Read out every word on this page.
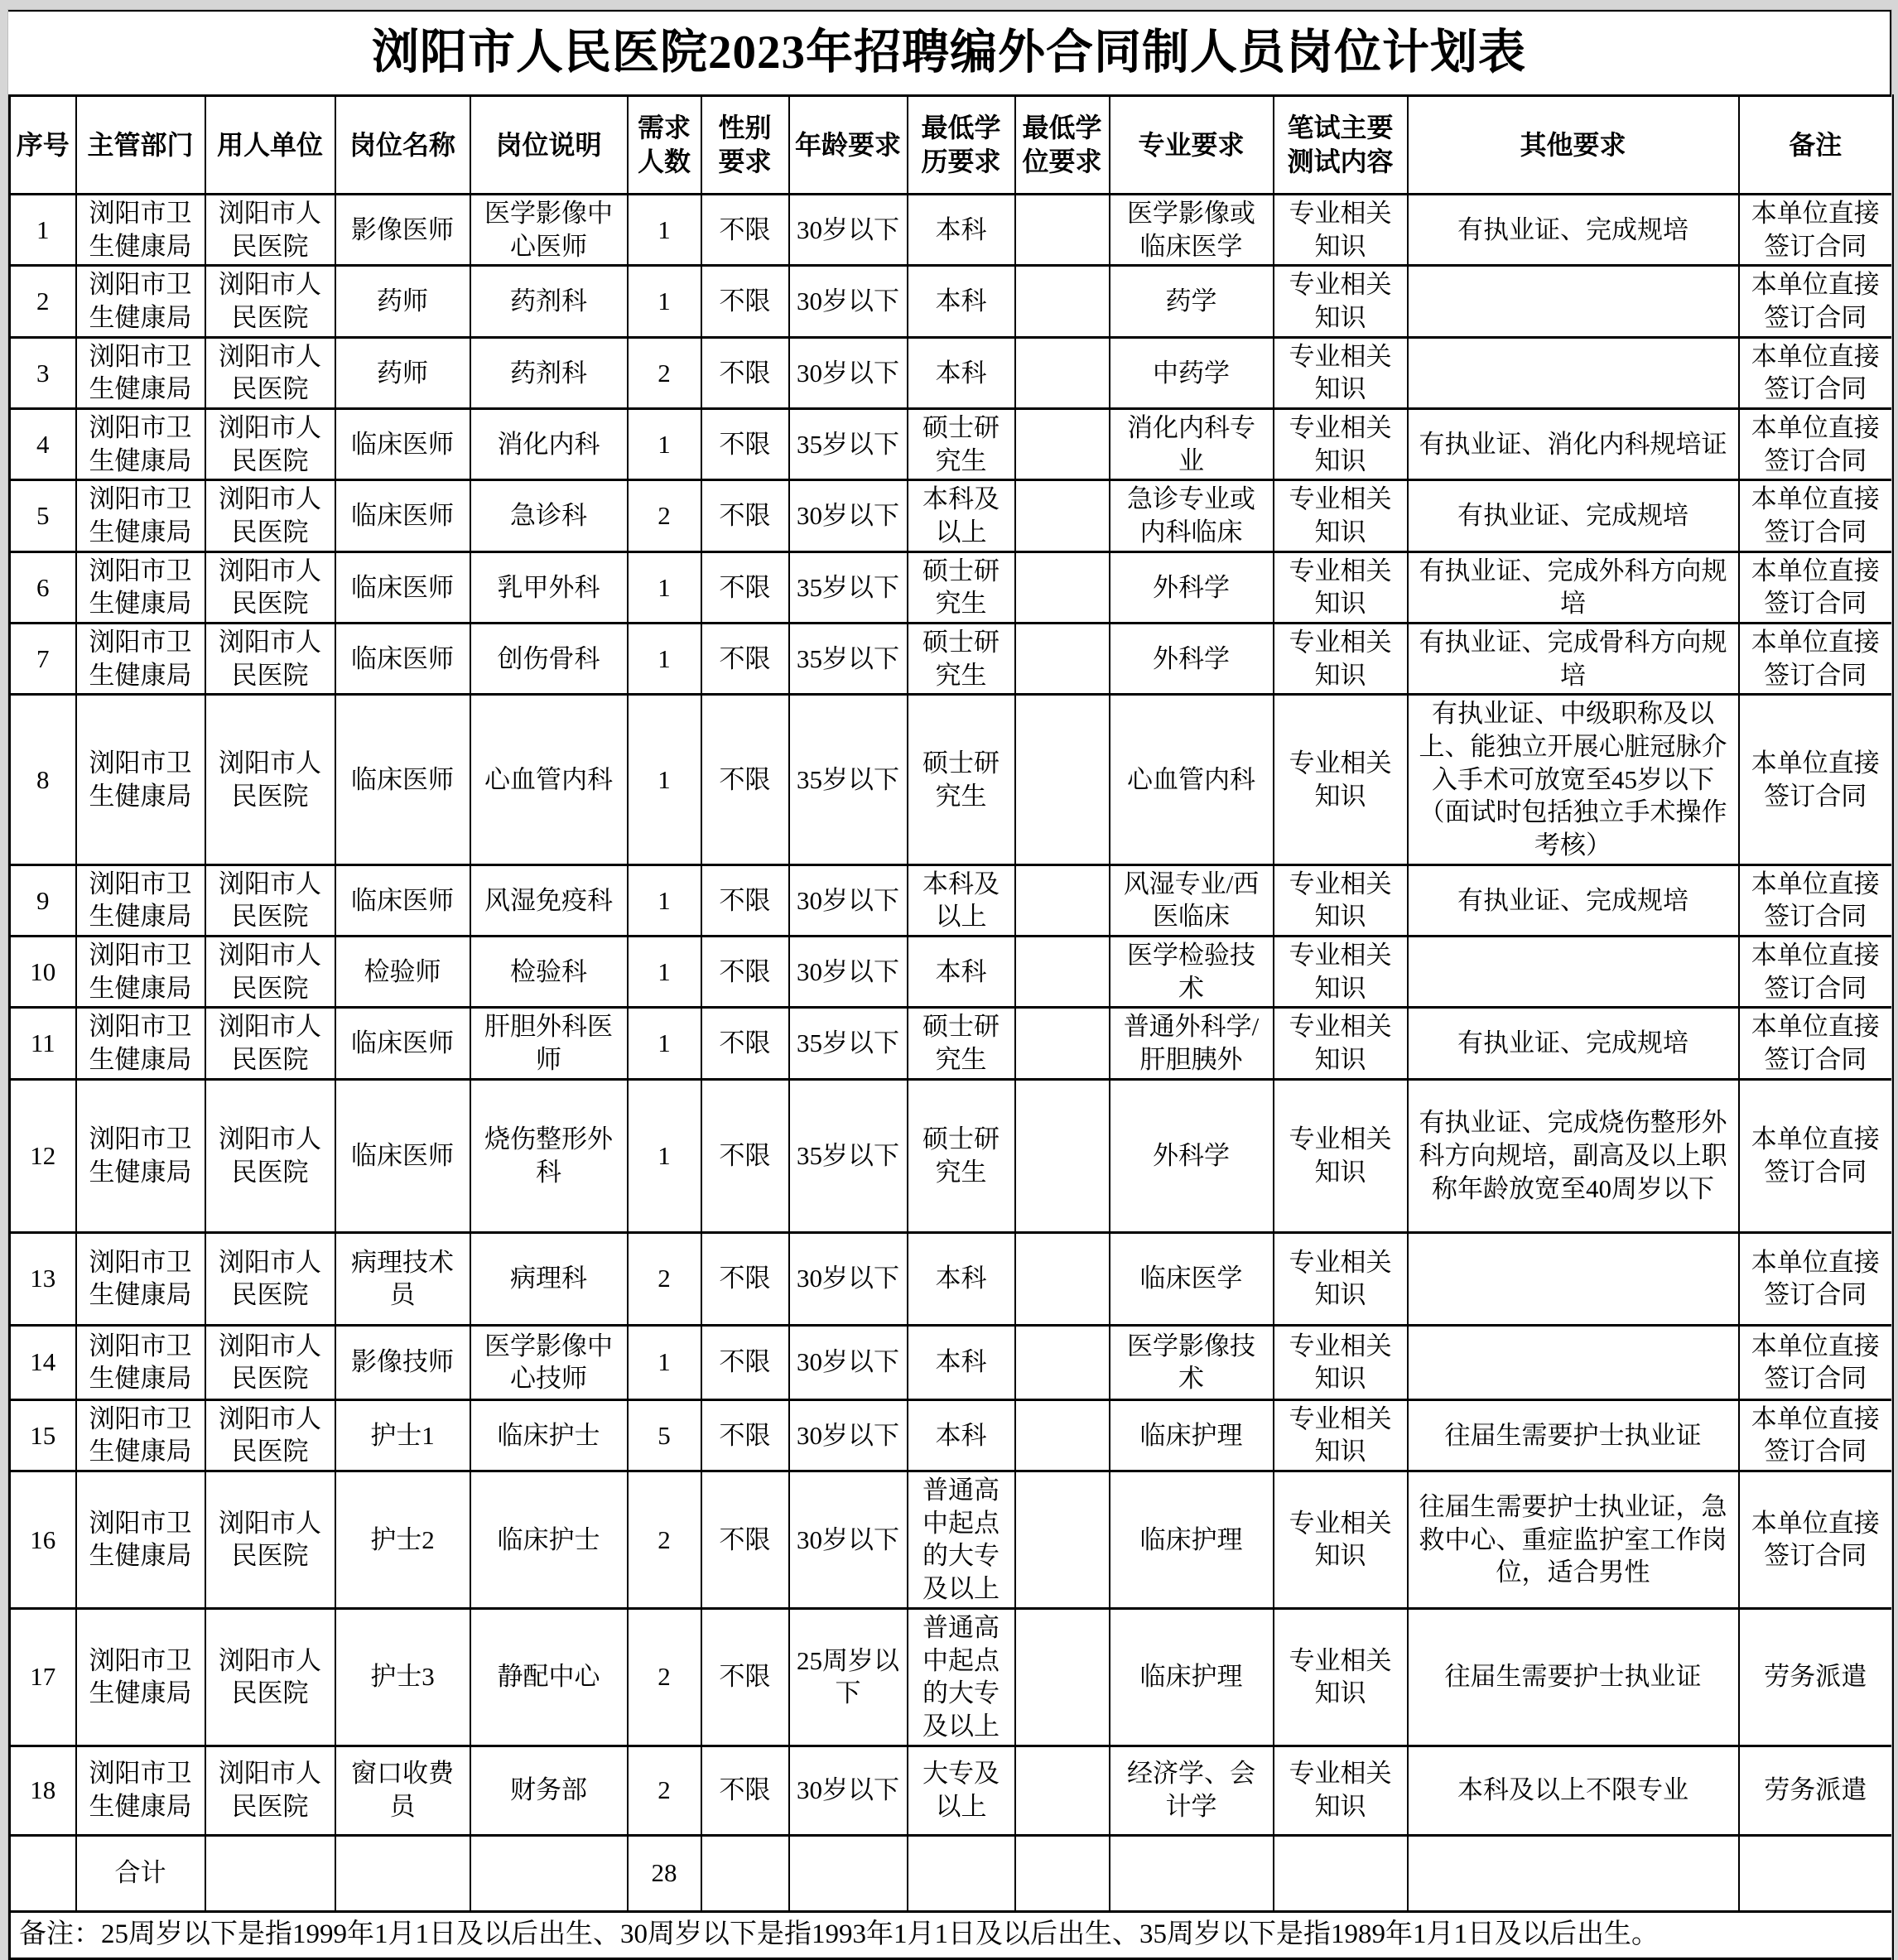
浏阳市人民医院2023年招聘编外合同制人员岗位计划表
序号	主管部门	用人单位	岗位名称	岗位说明	需求人数	性别要求	年龄要求	最低学历要求	最低学位要求	专业要求	笔试主要测试内容	其他要求	备注
1	浏阳市卫生健康局	浏阳市人民医院	影像医师	医学影像中心医师	1	不限	30岁以下	本科		医学影像或临床医学	专业相关知识	有执业证、完成规培	本单位直接签订合同
2	浏阳市卫生健康局	浏阳市人民医院	药师	药剂科	1	不限	30岁以下	本科		药学	专业相关知识		本单位直接签订合同
3	浏阳市卫生健康局	浏阳市人民医院	药师	药剂科	2	不限	30岁以下	本科		中药学	专业相关知识		本单位直接签订合同
4	浏阳市卫生健康局	浏阳市人民医院	临床医师	消化内科	1	不限	35岁以下	硕士研究生		消化内科专业	专业相关知识	有执业证、消化内科规培证	本单位直接签订合同
5	浏阳市卫生健康局	浏阳市人民医院	临床医师	急诊科	2	不限	30岁以下	本科及以上		急诊专业或内科临床	专业相关知识	有执业证、完成规培	本单位直接签订合同
6	浏阳市卫生健康局	浏阳市人民医院	临床医师	乳甲外科	1	不限	35岁以下	硕士研究生		外科学	专业相关知识	有执业证、完成外科方向规培	本单位直接签订合同
7	浏阳市卫生健康局	浏阳市人民医院	临床医师	创伤骨科	1	不限	35岁以下	硕士研究生		外科学	专业相关知识	有执业证、完成骨科方向规培	本单位直接签订合同
8	浏阳市卫生健康局	浏阳市人民医院	临床医师	心血管内科	1	不限	35岁以下	硕士研究生		心血管内科	专业相关知识	有执业证、中级职称及以上、能独立开展心脏冠脉介入手术可放宽至45岁以下（面试时包括独立手术操作考核）	本单位直接签订合同
9	浏阳市卫生健康局	浏阳市人民医院	临床医师	风湿免疫科	1	不限	30岁以下	本科及以上		风湿专业/西医临床	专业相关知识	有执业证、完成规培	本单位直接签订合同
10	浏阳市卫生健康局	浏阳市人民医院	检验师	检验科	1	不限	30岁以下	本科		医学检验技术	专业相关知识		本单位直接签订合同
11	浏阳市卫生健康局	浏阳市人民医院	临床医师	肝胆外科医师	1	不限	35岁以下	硕士研究生		普通外科学/肝胆胰外	专业相关知识	有执业证、完成规培	本单位直接签订合同
12	浏阳市卫生健康局	浏阳市人民医院	临床医师	烧伤整形外科	1	不限	35岁以下	硕士研究生		外科学	专业相关知识	有执业证、完成烧伤整形外科方向规培，副高及以上职称年龄放宽至40周岁以下	本单位直接签订合同
13	浏阳市卫生健康局	浏阳市人民医院	病理技术员	病理科	2	不限	30岁以下	本科		临床医学	专业相关知识		本单位直接签订合同
14	浏阳市卫生健康局	浏阳市人民医院	影像技师	医学影像中心技师	1	不限	30岁以下	本科		医学影像技术	专业相关知识		本单位直接签订合同
15	浏阳市卫生健康局	浏阳市人民医院	护士1	临床护士	5	不限	30岁以下	本科		临床护理	专业相关知识	往届生需要护士执业证	本单位直接签订合同
16	浏阳市卫生健康局	浏阳市人民医院	护士2	临床护士	2	不限	30岁以下	普通高中起点的大专及以上		临床护理	专业相关知识	往届生需要护士执业证，急救中心、重症监护室工作岗位，适合男性	本单位直接签订合同
17	浏阳市卫生健康局	浏阳市人民医院	护士3	静配中心	2	不限	25周岁以下	普通高中起点的大专及以上		临床护理	专业相关知识	往届生需要护士执业证	劳务派遣
18	浏阳市卫生健康局	浏阳市人民医院	窗口收费员	财务部	2	不限	30岁以下	大专及以上		经济学、会计学	专业相关知识	本科及以上不限专业	劳务派遣
	合计				28								
备注：25周岁以下是指1999年1月1日及以后出生、30周岁以下是指1993年1月1日及以后出生、35周岁以下是指1989年1月1日及以后出生。													
